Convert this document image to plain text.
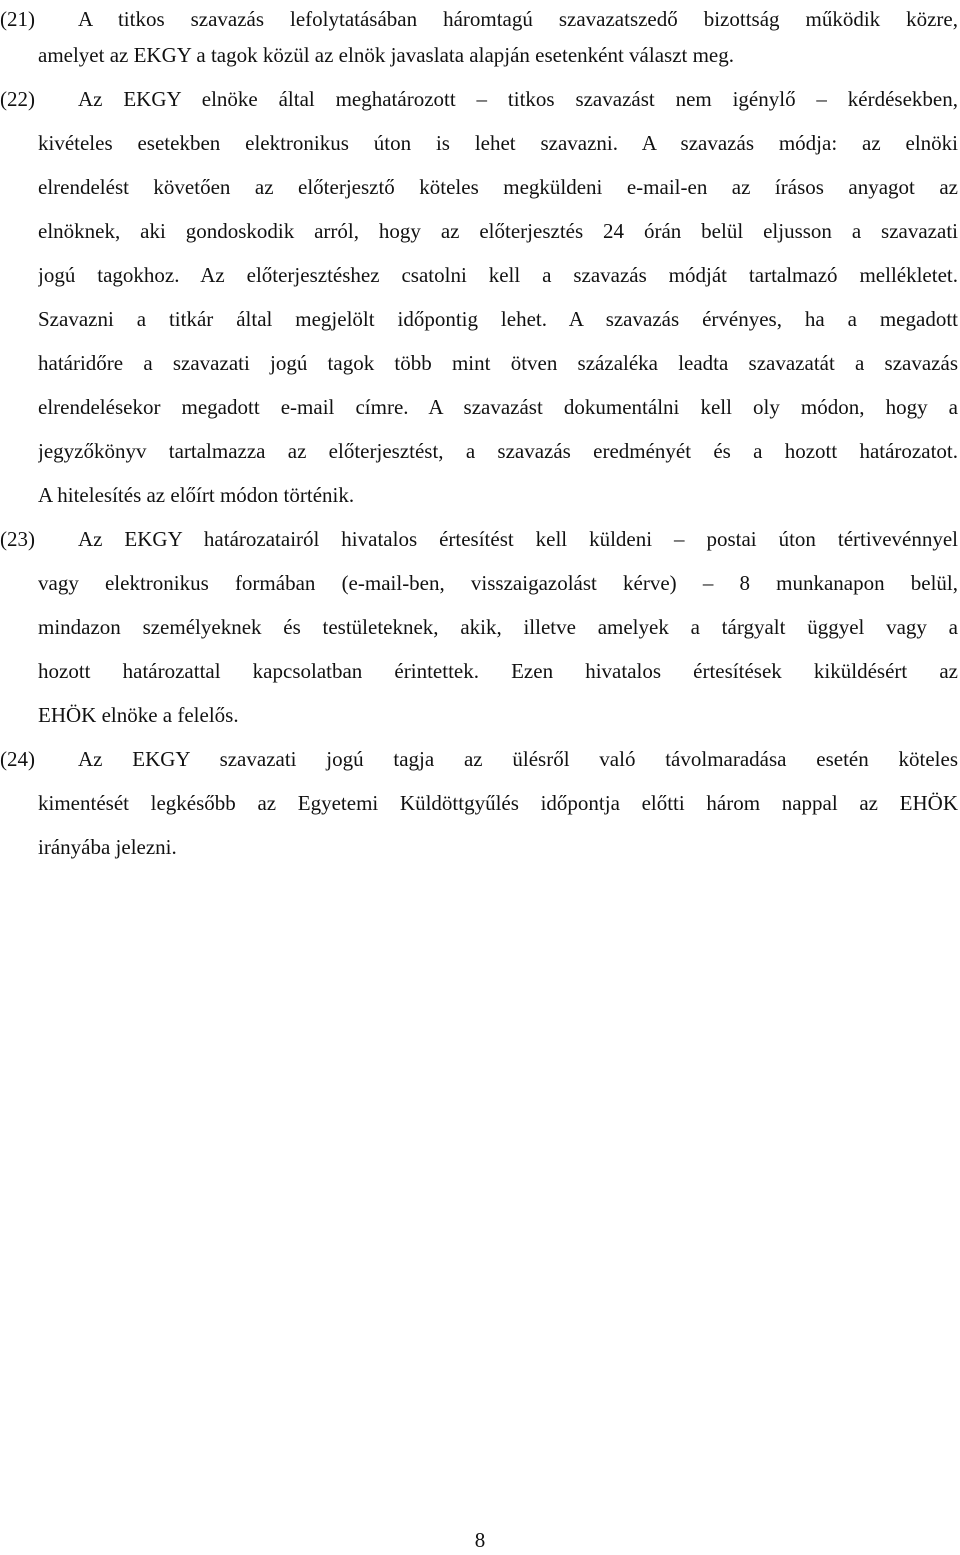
(21) A titkos szavazás lefolytatásában háromtagú szavazatszedő bizottság működik közre,
amelyet az EKGY a tagok közül az elnök javaslata alapján esetenként választ meg.
(22) Az EKGY elnöke által meghatározott – titkos szavazást nem igénylő – kérdésekben,
kivételes esetekben elektronikus úton is lehet szavazni. A szavazás módja: az elnöki
elrendelést követően az előterjesztő köteles megküldeni e-mail-en az írásos anyagot az
elnöknek, aki gondoskodik arról, hogy az előterjesztés 24 órán belül eljusson a szavazati
jogú tagokhoz. Az előterjesztéshez csatolni kell a szavazás módját tartalmazó mellékletet.
Szavazni a titkár által megjelölt időpontig lehet. A szavazás érvényes, ha a megadott
határidőre a szavazati jogú tagok több mint ötven százaléka leadta szavazatát a szavazás
elrendelésekor megadott e-mail címre. A szavazást dokumentálni kell oly módon, hogy a
jegyzőkönyv tartalmazza az előterjesztést, a szavazás eredményét és a hozott határozatot.
A hitelesítés az előírt módon történik.
(23) Az EKGY határozatairól hivatalos értesítést kell küldeni – postai úton tértivevénnyel
vagy elektronikus formában (e-mail-ben, visszaigazolást kérve) – 8 munkanapon belül,
mindazon személyeknek és testületeknek, akik, illetve amelyek a tárgyalt üggyel vagy a
hozott határozattal kapcsolatban érintettek. Ezen hivatalos értesítések kiküldésért az
EHÖK elnöke a felelős.
(24) Az EKGY szavazati jogú tagja az ülésről való távolmaradása esetén köteles
kimentését legkésőbb az Egyetemi Küldöttgyűlés időpontja előtti három nappal az EHÖK
irányába jelezni.
8
